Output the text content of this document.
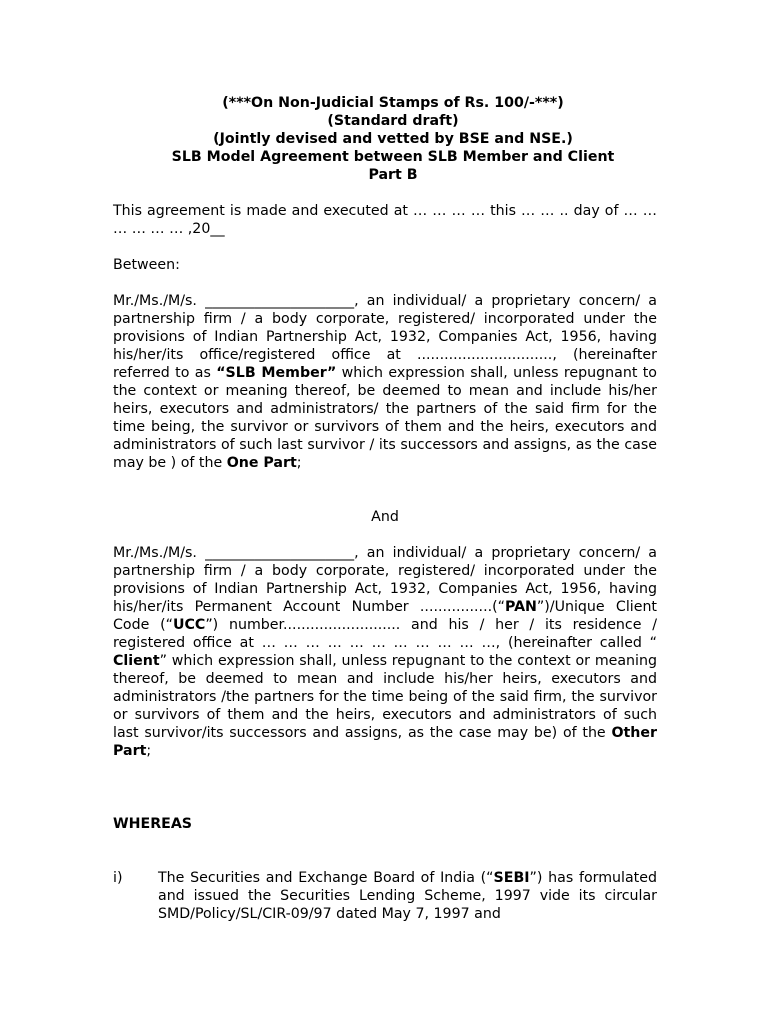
(***On Non-Judicial Stamps of Rs. 100/-***)
(Standard draft)
(Jointly devised and vetted by BSE and NSE.)
SLB Model Agreement between SLB Member and Client
Part B
This agreement is made and executed at … … … … this … … .. day of … … … … … … ,20__
Between:
Mr./Ms./M/s. _____________________, an individual/ a proprietary concern/ a partnership firm / a body corporate, registered/ incorporated under the provisions of Indian Partnership Act, 1932, Companies Act, 1956, having his/her/its office/registered office at .............................., (hereinafter referred to as “SLB Member” which expression shall, unless repugnant to the context or meaning thereof, be deemed to mean and include his/her heirs, executors and administrators/ the partners of the said firm for the time being, the survivor or survivors of them and the heirs, executors and administrators of such last survivor / its successors and assigns, as the case may be ) of the One Part;
And
Mr./Ms./M/s. _____________________, an individual/ a proprietary concern/ a partnership firm / a body corporate, registered/ incorporated under the provisions of Indian Partnership Act, 1932, Companies Act, 1956, having his/her/its Permanent Account Number ................(“PAN”)/Unique Client Code (“UCC”) number.......................... and his / her / its residence / registered office at … … … … … … … … … … …, (hereinafter called “ Client” which expression shall, unless repugnant to the context or meaning thereof, be deemed to mean and include his/her heirs, executors and administrators /the partners for the time being of the said firm, the survivor or survivors of them and the heirs, executors and administrators of such last survivor/its successors and assigns, as the case may be) of the Other Part;
WHEREAS
i)	The Securities and Exchange Board of India (“SEBI”) has formulated and issued the Securities Lending Scheme, 1997 vide its circular SMD/Policy/SL/CIR-09/97 dated May 7, 1997 and
